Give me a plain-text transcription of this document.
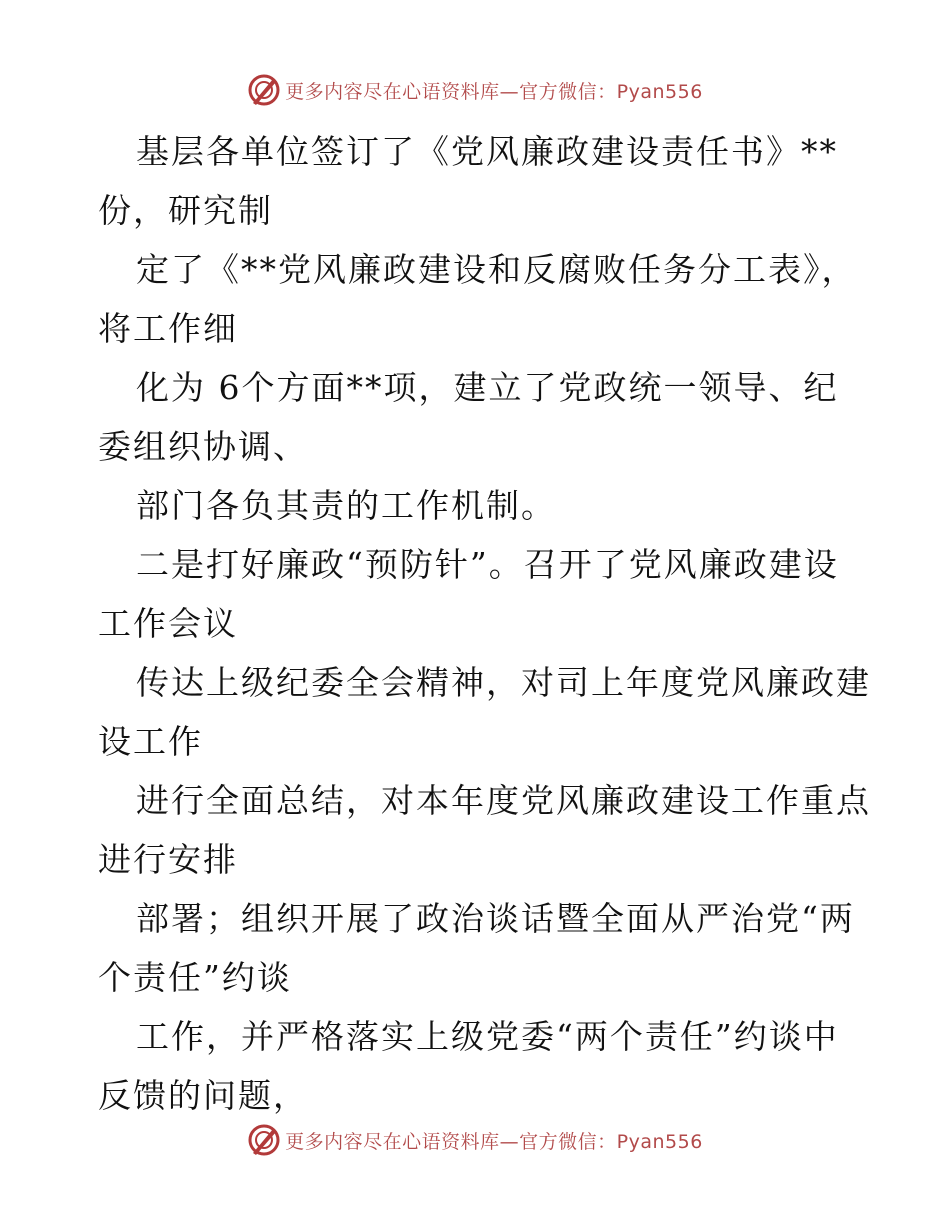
更多内容尽在心语资料库—官方微信：Pyan556
基层各单位签订了《党风廉政建设责任书》**
份，研究制
定了《**党风廉政建设和反腐败任务分工表》，
将工作细
化为 6个方面**项，建立了党政统一领导、纪
委组织协调、
部门各负其责的工作机制。
二是打好廉政“预防针”。召开了党风廉政建设
工作会议
传达上级纪委全会精神，对司上年度党风廉政建
设工作
进行全面总结，对本年度党风廉政建设工作重点
进行安排
部署；组织开展了政治谈话暨全面从严治党“两
个责任”约谈
工作，并严格落实上级党委“两个责任”约谈中
反馈的问题，
更多内容尽在心语资料库—官方微信：Pyan556
